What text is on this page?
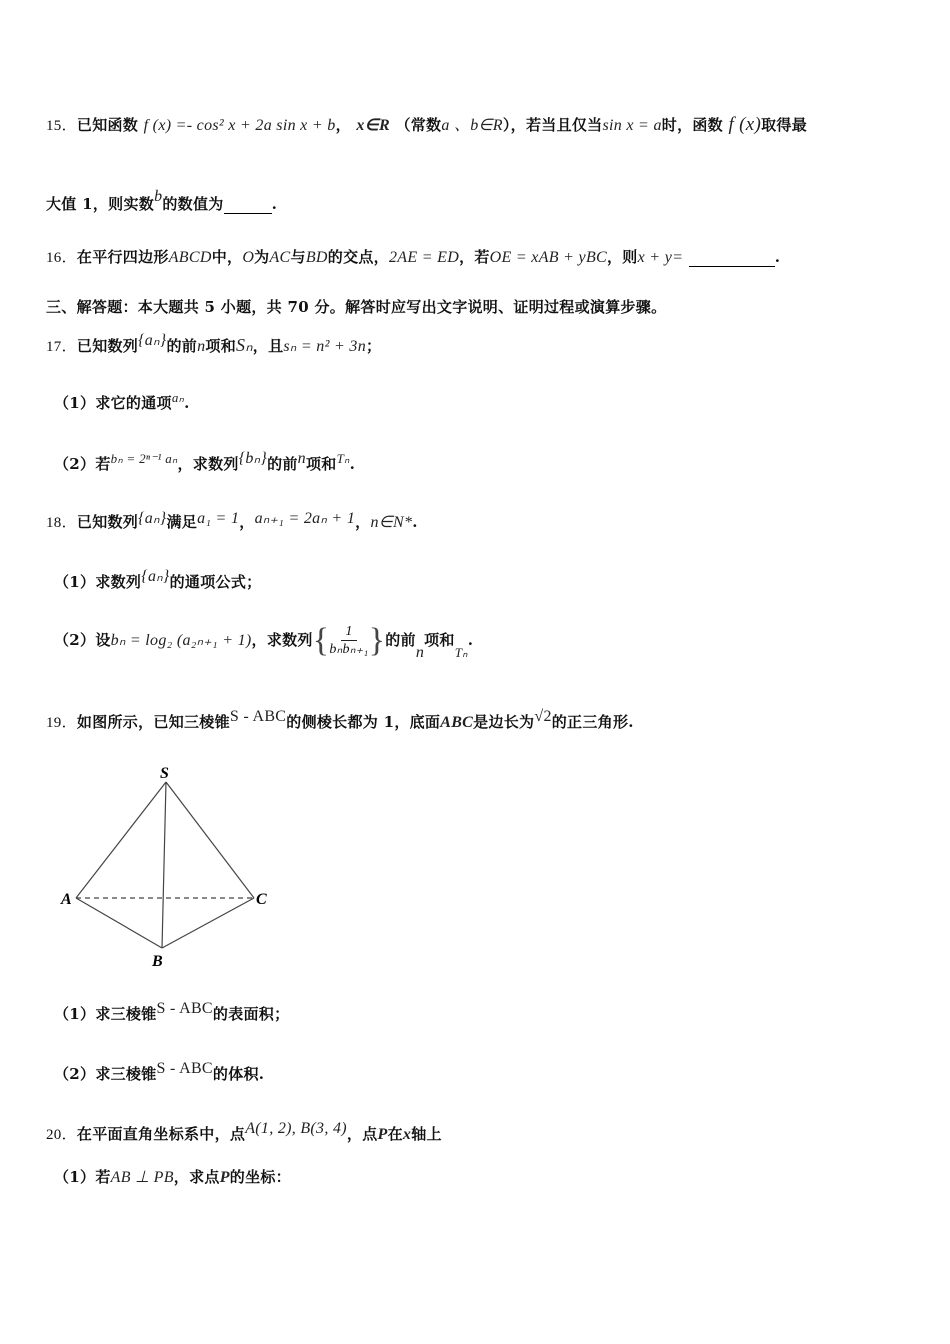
15．已知函数 f (x) =- cos² x + 2a sin x + b， x∈R （常数a 、b∈R），若当且仅当sin x = a时，函数 f (x)取得最
大值 1，则实数b的数值为	.
16．在平行四边形ABCD中，O为AC与BD的交点，2AE = ED，若OE = xAB + yBC，则x + y=	.
三、解答题：本大题共 5 小题，共 70 分。解答时应写出文字说明、证明过程或演算步骤。
17．已知数列{aₙ}的前n项和Sₙ，且sₙ = n² + 3n；
（1）求它的通项aₙ.
（2）若bₙ = 2ⁿ⁻¹ aₙ，求数列{bₙ}的前n项和Tₙ.
18．已知数列{aₙ}满足a₁ = 1，aₙ₊₁ = 2aₙ + 1，n∈N*.
（1）求数列{aₙ}的通项公式；
（2）设bₙ = log₂ (a₂ₙ₊₁ + 1)，求数列{ $\frac{1}{\text{bₙbₙ₊₁}}$ }的前n项和Tₙ.
19．如图所示，已知三棱锥S - ABC的侧棱长都为 1，底面ABC是边长为√2的正三角形.
S
A
B
C
（1）求三棱锥S - ABC的表面积；
（2）求三棱锥S - ABC的体积.
20．在平面直角坐标系中，点A(1, 2), B(3, 4)，点P在x轴上
（1）若AB ⊥ PB，求点P的坐标：
